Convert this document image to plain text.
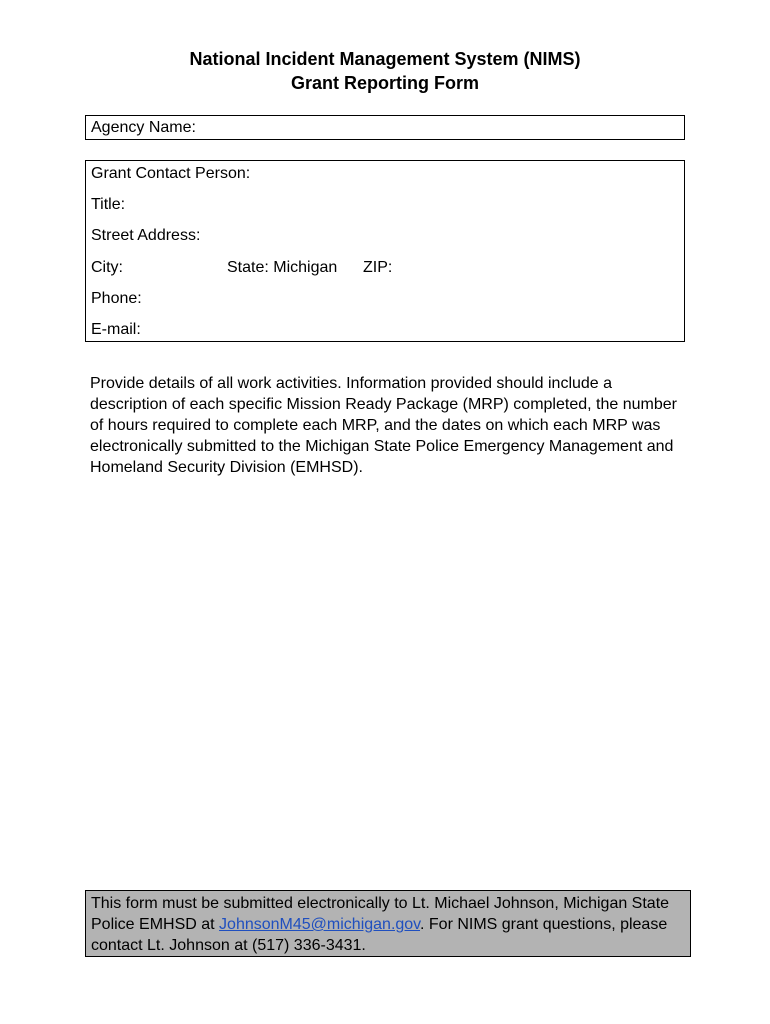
National Incident Management System (NIMS)
Grant Reporting Form
Agency Name:
Grant Contact Person:
Title:
Street Address:
City:	State: Michigan ZIP:
Phone:
E-mail:
Provide details of all work activities. Information provided should include a description of each specific Mission Ready Package (MRP) completed, the number of hours required to complete each MRP, and the dates on which each MRP was electronically submitted to the Michigan State Police Emergency Management and Homeland Security Division (EMHSD).

This form must be submitted electronically to Lt. Michael Johnson, Michigan State Police EMHSD at JohnsonM45@michigan.gov. For NIMS grant questions, please contact Lt. Johnson at (517) 336-3431.
